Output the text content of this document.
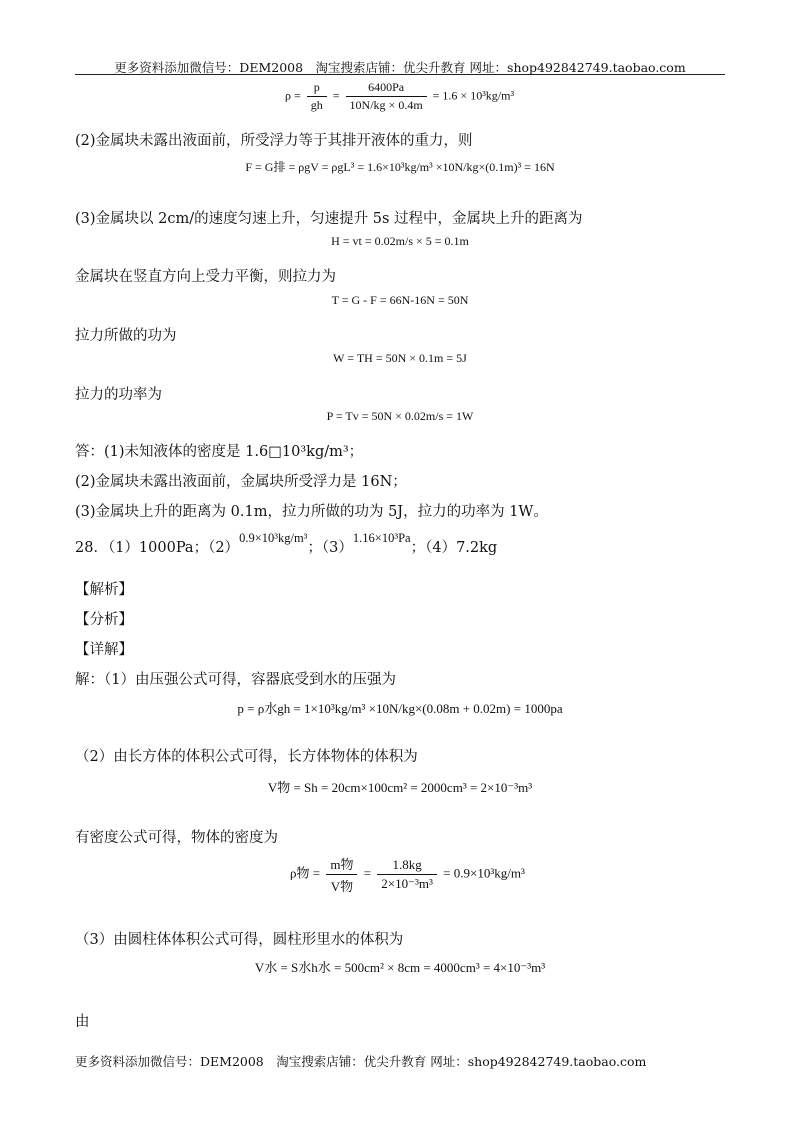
更多资料添加微信号：DEM2008　淘宝搜索店铺：优尖升教育 网址：shop492842749.taobao.com
$\rho = \frac{p}{gh} = \frac{6400Pa}{10N/kg \times 0.4m} = 1.6 \times 10^3kg/m^3$
(2)金属块未露出液面前，所受浮力等于其排开液体的重力，则
F = G排 = ρgV = ρgL³ = 1.6×10³kg/m³ ×10N/kg×(0.1m)³ = 16N
(3)金属块以 2cm/的速度匀速上升，匀速提升 5s 过程中，金属块上升的距离为
H = vt = 0.02m/s × 5 = 0.1m
金属块在竖直方向上受力平衡，则拉力为
T = G - F = 66N-16N = 50N
拉力所做的功为
W = TH = 50N × 0.1m = 5J
拉力的功率为
P = Tv = 50N × 0.02m/s = 1W
答：(1)未知液体的密度是 1.6□10³kg/m³；
(2)金属块未露出液面前，金属块所受浮力是 16N；
(3)金属块上升的距离为 0.1m，拉力所做的功为 5J，拉力的功率为 1W。
28．（1）1000Pa；（2）0.9×10³kg/m³；（3）1.16×10³Pa；（4）7.2kg
【解析】
【分析】
【详解】
解：（1）由压强公式可得，容器底受到水的压强为
p = ρ水gh = 1×10³kg/m³ ×10N/kg×(0.08m + 0.02m) = 1000pa
（2）由长方体的体积公式可得，长方体物体的体积为
V物 = Sh = 20cm×100cm² = 2000cm³ = 2×10⁻³m³
有密度公式可得，物体的密度为
ρ物 = $\frac{\text{m物}}{\text{V物}} = \frac{1.8kg}{\text{2×10⁻³m³}} = 0.9\times 10^3kg/m^3$
（3）由圆柱体体积公式可得，圆柱形里水的体积为
V水 = S水h水 = 500cm² × 8cm = 4000cm³ = 4×10⁻³m³
由
更多资料添加微信号：DEM2008　淘宝搜索店铺：优尖升教育 网址：shop492842749.taobao.com
